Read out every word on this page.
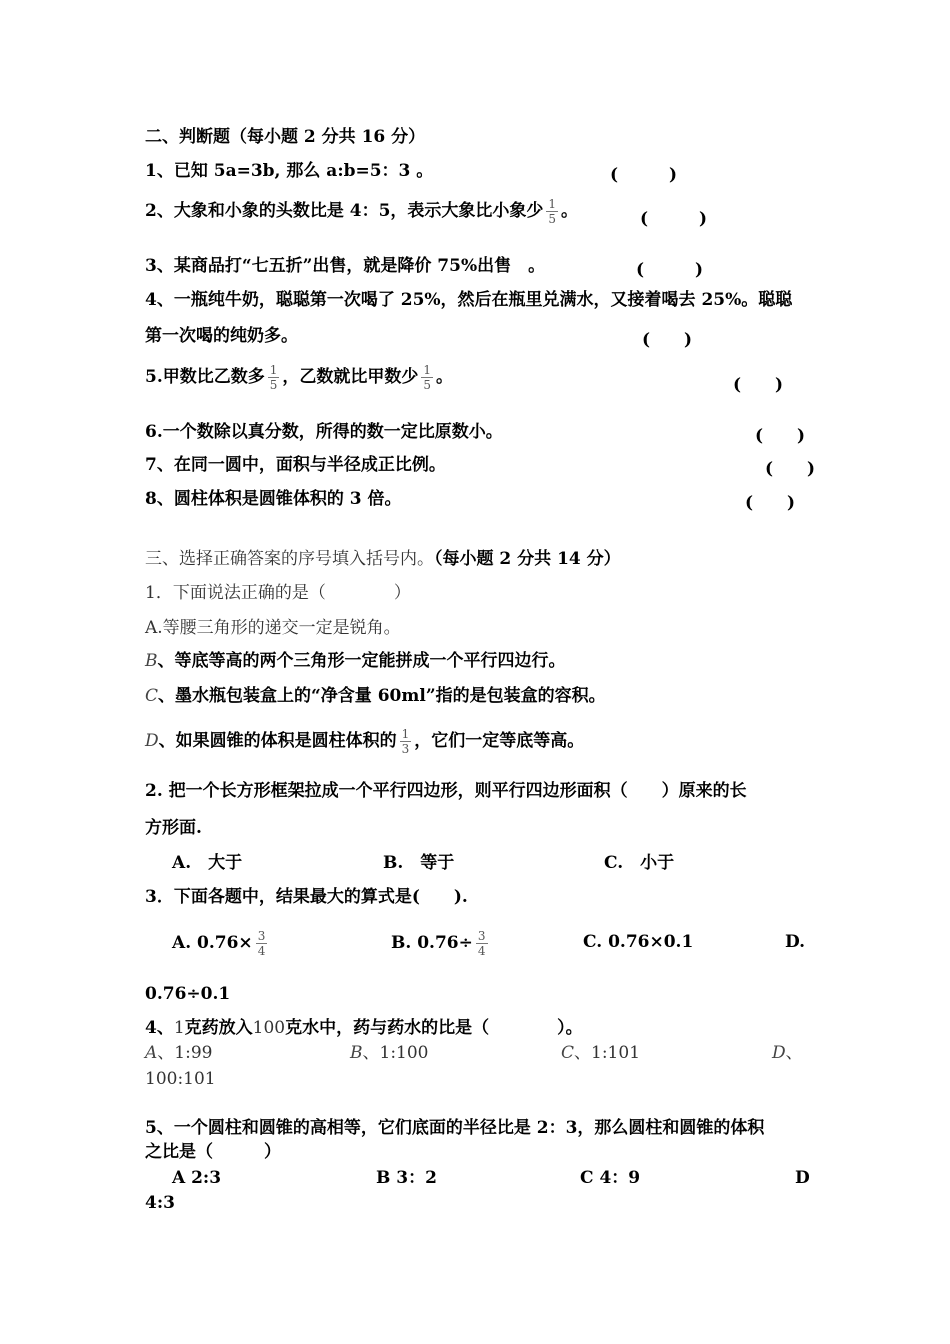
二、判断题（每小题 2 分共 16 分）
1、已知 5a=3b, 那么 a:b=5：3 。	(　　　)
2、大象和小象的头数比是 4：5，表示大象比小象少 $\frac{1}{5}$ 。	(　　　)
3、某商品打“七五折”出售，就是降价 75%出售　。	(　　　)
4、一瓶纯牛奶，聪聪第一次喝了 25%，然后在瓶里兑满水，又接着喝去 25%。聪聪
第一次喝的纯奶多。	(　　)
5.甲数比乙数多 $\frac{1}{5}$ ，乙数就比甲数少 $\frac{1}{5}$ 。	(　　)
6.一个数除以真分数，所得的数一定比原数小。	(　　)
7、在同一圆中，面积与半径成正比例。	(　　)
8、圆柱体积是圆锥体积的 3 倍。	(　　)
三、选择正确答案的序号填入括号内。（每小题 2 分共 14 分）
1．下面说法正确的是（　　　　）
A.等腰三角形的递交一定是锐角。
B、等底等高的两个三角形一定能拼成一个平行四边行。
C、墨水瓶包装盒上的“净含量 60ml”指的是包装盒的容积。
D、如果圆锥的体积是圆柱体积的 $\frac{1}{3}$ ，它们一定等底等高。
2. 把一个长方形框架拉成一个平行四边形，则平行四边形面积（　　）原来的长
方形面.
A.　大于	B.　等于	C.　小于
3．下面各题中，结果最大的算式是(　　).
A. $0.76\times \frac{3}{4}$	B. $0.76\div \frac{3}{4}$	C. 0.76×0.1	D.
0.76÷0.1
4、1克药放入100克水中，药与药水的比是（　　　　）。
A、1:99	B、1:100	C、1:101	D、
100:101
5、一个圆柱和圆锥的高相等，它们底面的半径比是 2：3，那么圆柱和圆锥的体积
之比是（　　　）
A 2:3	B 3：2	C 4：9	D
4:3
